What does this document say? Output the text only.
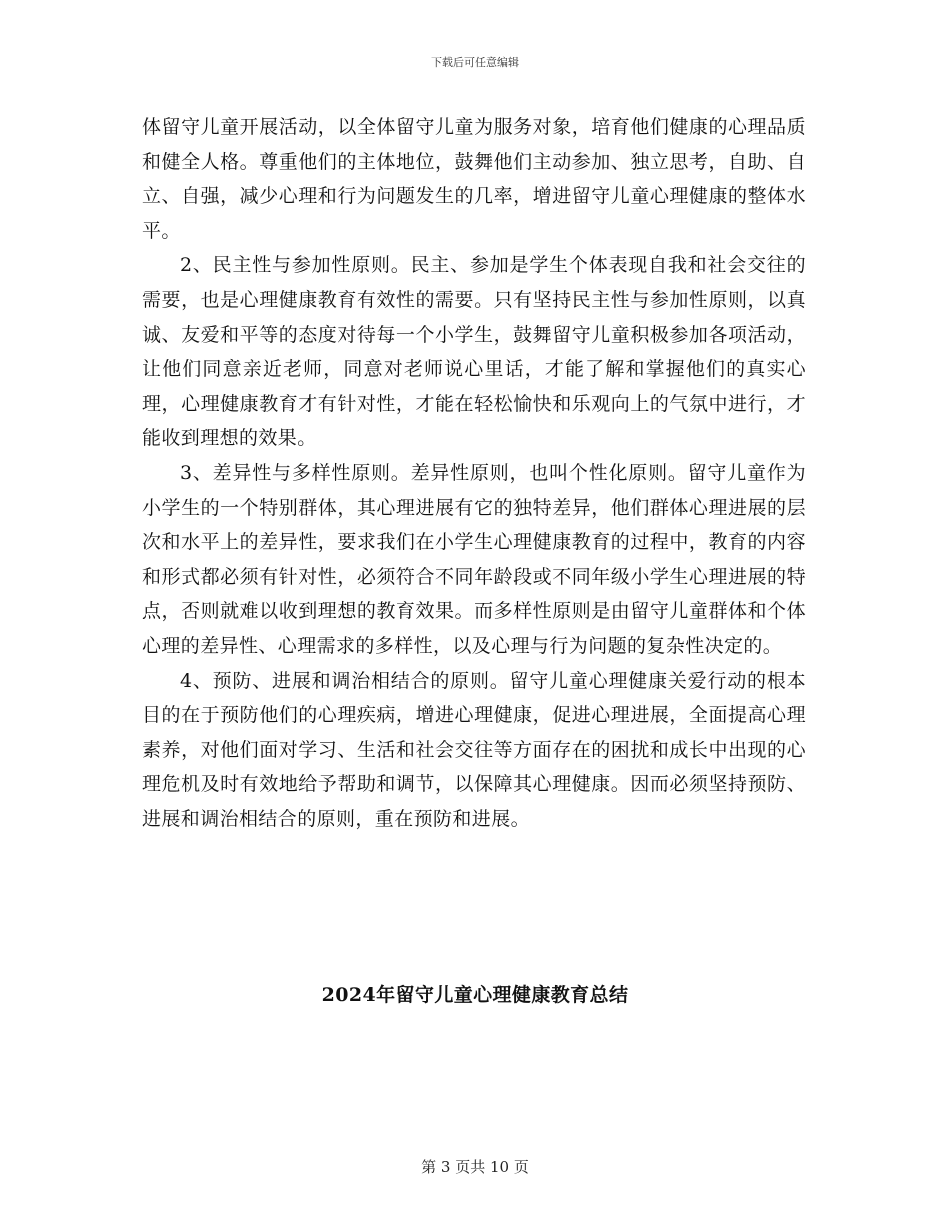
下载后可任意编辑

体留守儿童开展活动，以全体留守儿童为服务对象，培育他们健康的心理品质和健全人格。尊重他们的主体地位，鼓舞他们主动参加、独立思考，自助、自立、自强，减少心理和行为问题发生的几率，增进留守儿童心理健康的整体水平。

2、民主性与参加性原则。民主、参加是学生个体表现自我和社会交往的需要，也是心理健康教育有效性的需要。只有坚持民主性与参加性原则，以真诚、友爱和平等的态度对待每一个小学生，鼓舞留守儿童积极参加各项活动，让他们同意亲近老师，同意对老师说心里话，才能了解和掌握他们的真实心理，心理健康教育才有针对性，才能在轻松愉快和乐观向上的气氛中进行，才能收到理想的效果。

3、差异性与多样性原则。差异性原则，也叫个性化原则。留守儿童作为小学生的一个特别群体，其心理进展有它的独特差异，他们群体心理进展的层次和水平上的差异性，要求我们在小学生心理健康教育的过程中，教育的内容和形式都必须有针对性，必须符合不同年龄段或不同年级小学生心理进展的特点，否则就难以收到理想的教育效果。而多样性原则是由留守儿童群体和个体心理的差异性、心理需求的多样性，以及心理与行为问题的复杂性决定的。

4、预防、进展和调治相结合的原则。留守儿童心理健康关爱行动的根本目的在于预防他们的心理疾病，增进心理健康，促进心理进展，全面提高心理素养，对他们面对学习、生活和社会交往等方面存在的困扰和成长中出现的心理危机及时有效地给予帮助和调节，以保障其心理健康。因而必须坚持预防、进展和调治相结合的原则，重在预防和进展。

2024年留守儿童心理健康教育总结
第 3 页共 10 页
